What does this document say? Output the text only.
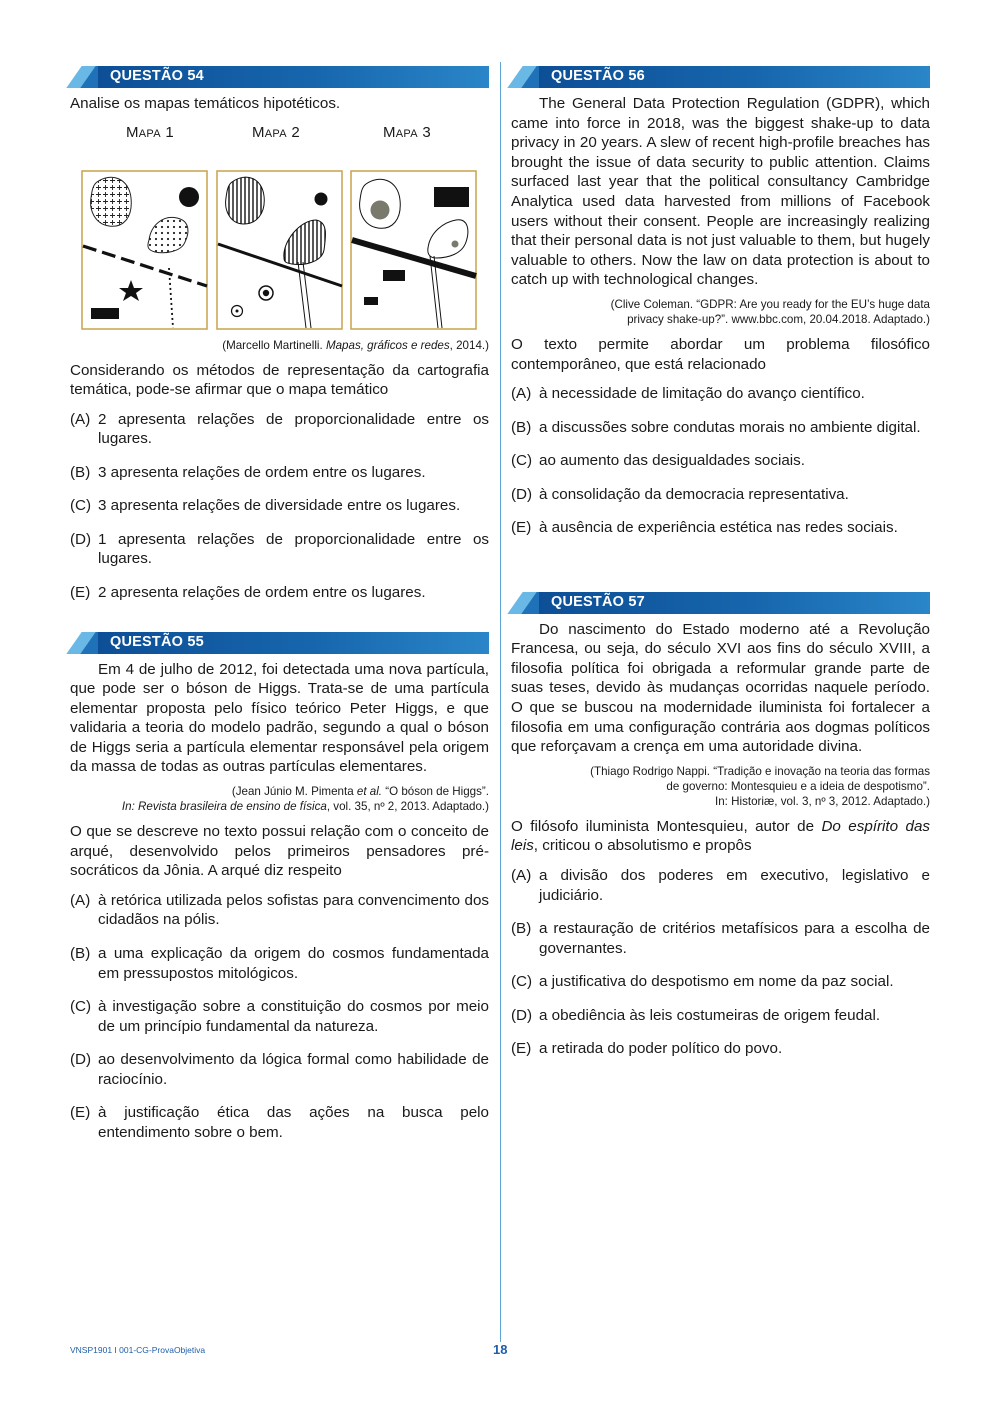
QUESTÃO 54

Analise os mapas temáticos hipotéticos.

Mapa 1	Mapa 2	Mapa 3

(Marcello Martinelli. Mapas, gráficos e redes, 2014.)

Considerando os métodos de representação da cartografia temática, pode-se afirmar que o mapa temático

(A) 2 apresenta relações de proporcionalidade entre os lugares.
(B) 3 apresenta relações de ordem entre os lugares.
(C) 3 apresenta relações de diversidade entre os lugares.
(D) 1 apresenta relações de proporcionalidade entre os lugares.
(E) 2 apresenta relações de ordem entre os lugares.
QUESTÃO 55

Em 4 de julho de 2012, foi detectada uma nova partícula, que pode ser o bóson de Higgs. Trata-se de uma partícula elementar proposta pelo físico teórico Peter Higgs, e que validaria a teoria do modelo padrão, segundo a qual o bóson de Higgs seria a partícula elementar responsável pela origem da massa de todas as outras partículas elementares.

(Jean Júnio M. Pimenta et al. “O bóson de Higgs”.
In: Revista brasileira de ensino de física, vol. 35, nº 2, 2013. Adaptado.)

O que se descreve no texto possui relação com o conceito de arqué, desenvolvido pelos primeiros pensadores pré-socráticos da Jônia. A arqué diz respeito

(A) à retórica utilizada pelos sofistas para convencimento dos cidadãos na pólis.
(B) a uma explicação da origem do cosmos fundamentada em pressupostos mitológicos.
(C) à investigação sobre a constituição do cosmos por meio de um princípio fundamental da natureza.
(D) ao desenvolvimento da lógica formal como habilidade de raciocínio.
(E) à justificação ética das ações na busca pelo entendimento sobre o bem.
QUESTÃO 56

The General Data Protection Regulation (GDPR), which came into force in 2018, was the biggest shake-up to data privacy in 20 years. A slew of recent high-profile breaches has brought the issue of data security to public attention. Claims surfaced last year that the political consultancy Cambridge Analytica used data harvested from millions of Facebook users without their consent. People are increasingly realizing that their personal data is not just valuable to them, but hugely valuable to others. Now the law on data protection is about to catch up with technological changes.

(Clive Coleman. “GDPR: Are you ready for the EU’s huge data
privacy shake-up?”. www.bbc.com, 20.04.2018. Adaptado.)

O texto permite abordar um problema filosófico contemporâneo, que está relacionado

(A) à necessidade de limitação do avanço científico.
(B) a discussões sobre condutas morais no ambiente digital.
(C) ao aumento das desigualdades sociais.
(D) à consolidação da democracia representativa.
(E) à ausência de experiência estética nas redes sociais.
QUESTÃO 57

Do nascimento do Estado moderno até a Revolução Francesa, ou seja, do século XVI aos fins do século XVIII, a filosofia política foi obrigada a reformular grande parte de suas teses, devido às mudanças ocorridas naquele período. O que se buscou na modernidade iluminista foi fortalecer a filosofia em uma configuração contrária aos dogmas políticos que reforçavam a crença em uma autoridade divina.

(Thiago Rodrigo Nappi. “Tradição e inovação na teoria das formas
de governo: Montesquieu e a ideia de despotismo”.
In: Historiæ, vol. 3, nº 3, 2012. Adaptado.)

O filósofo iluminista Montesquieu, autor de Do espírito das leis, criticou o absolutismo e propôs

(A) a divisão dos poderes em executivo, legislativo e judiciário.
(B) a restauração de critérios metafísicos para a escolha de governantes.
(C) a justificativa do despotismo em nome da paz social.
(D) a obediência às leis costumeiras de origem feudal.
(E) a retirada do poder político do povo.
VNSP1901 I 001-CG-ProvaObjetiva	18
